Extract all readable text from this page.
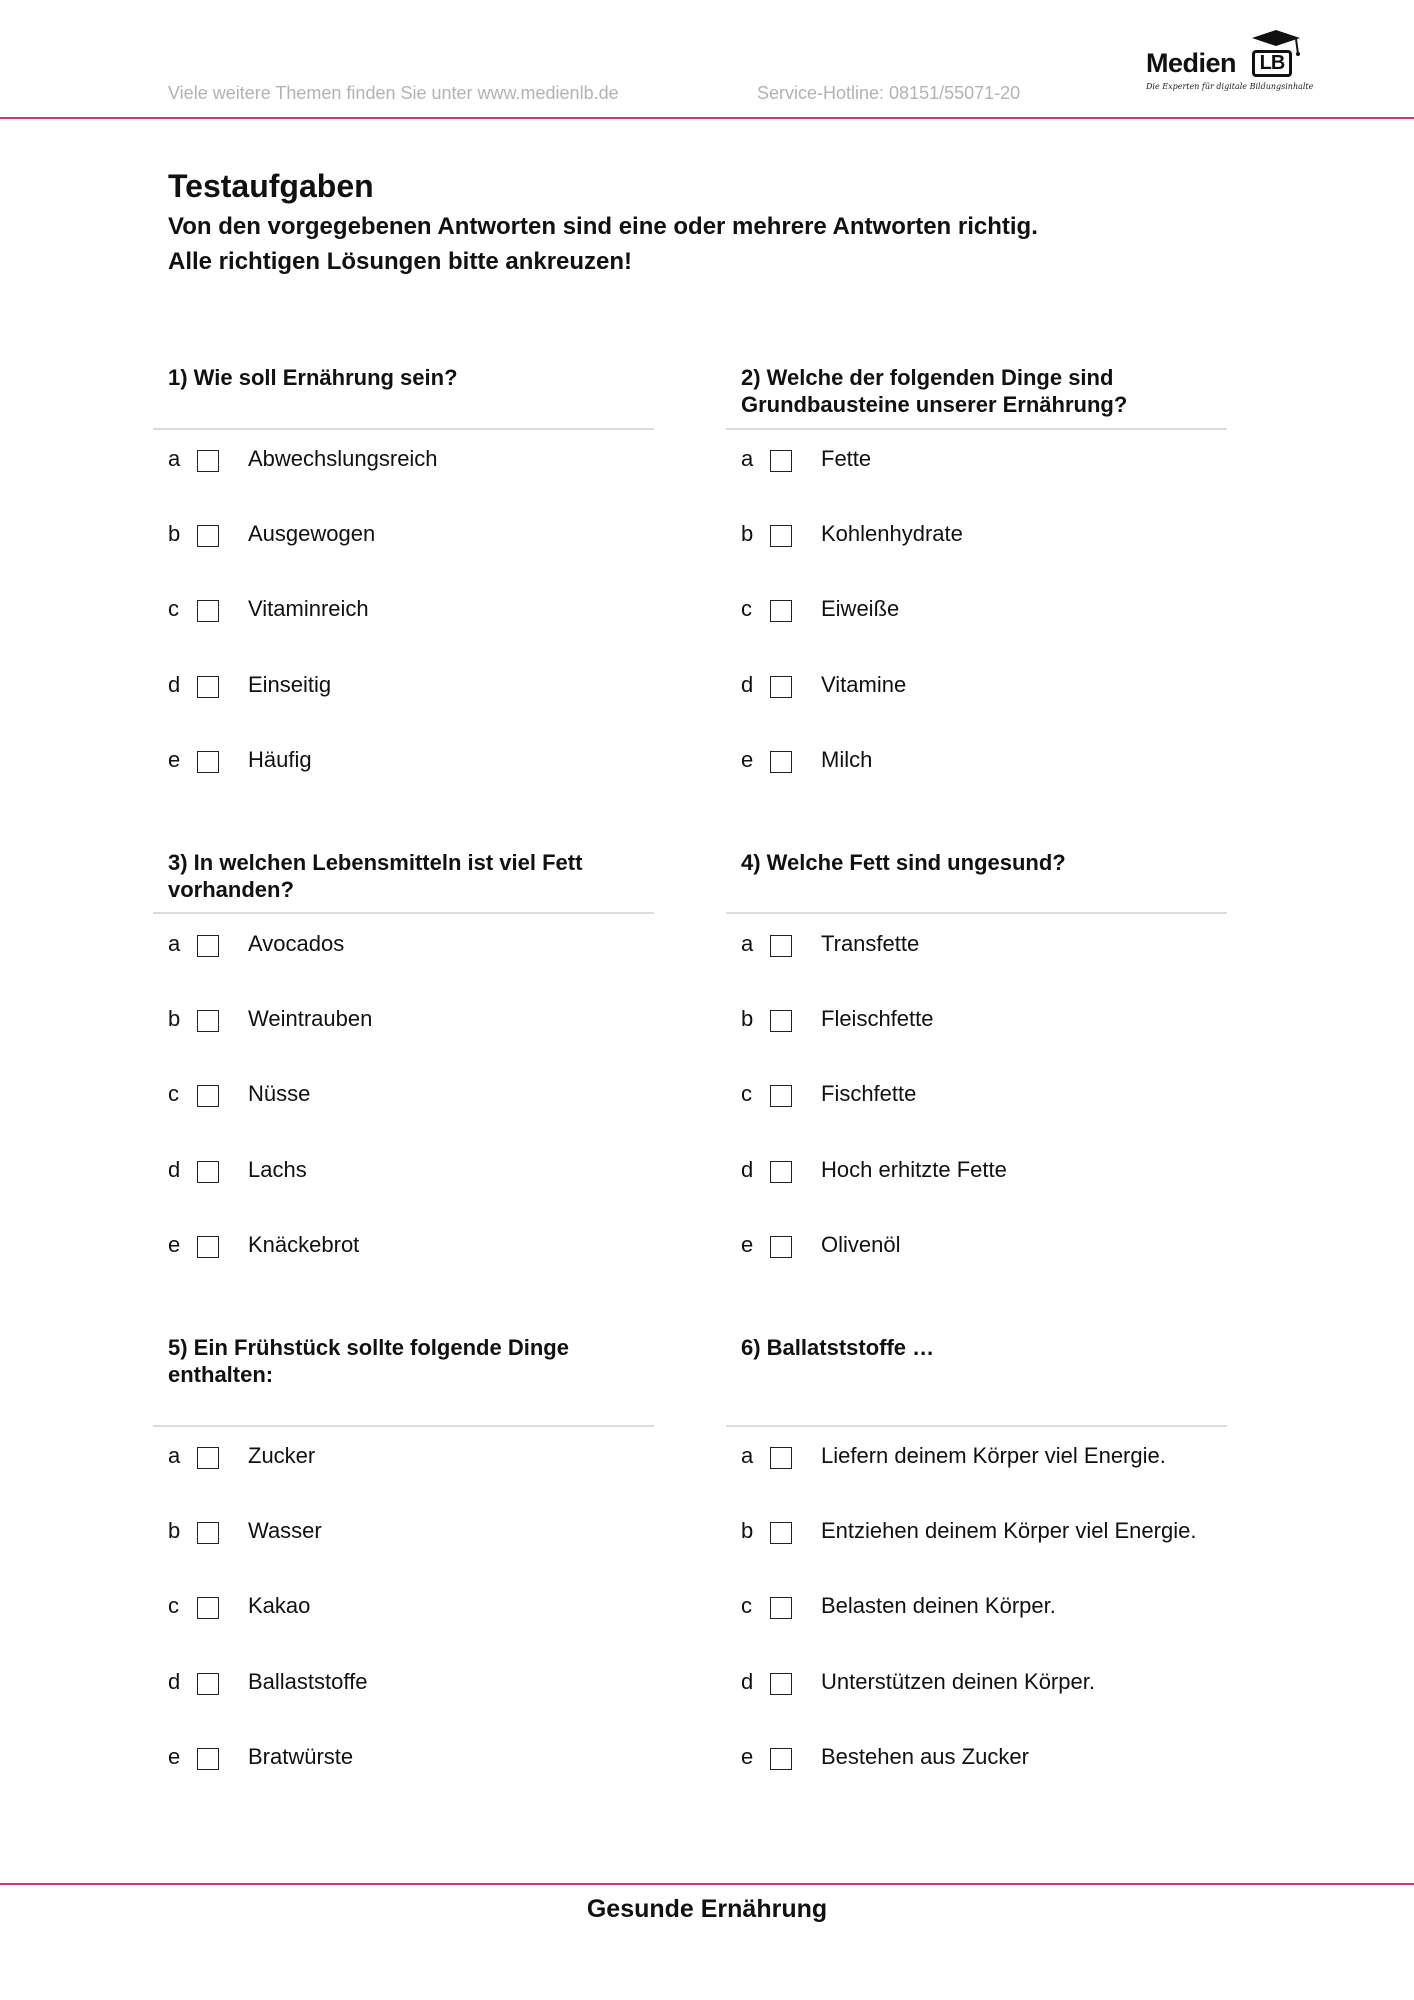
Viele weitere Themen finden Sie unter www.medienlb.de	Service-Hotline: 08151/55071-20
Medien	LB
Die Experten für digitale Bildungsinhalte
Testaufgaben
Von den vorgegebenen Antworten sind eine oder mehrere Antworten richtig.
Alle richtigen Lösungen bitte ankreuzen!
1) Wie soll Ernährung sein?
a	Abwechslungsreich
b	Ausgewogen
c	Vitaminreich
d	Einseitig
e	Häufig
2) Welche der folgenden Dinge sind
Grundbausteine unserer Ernährung?
a	Fette
b	Kohlenhydrate
c	Eiweiße
d	Vitamine
e	Milch
3) In welchen Lebensmitteln ist viel Fett
vorhanden?
a	Avocados
b	Weintrauben
c	Nüsse
d	Lachs
e	Knäckebrot
4) Welche Fett sind ungesund?
a	Transfette
b	Fleischfette
c	Fischfette
d	Hoch erhitzte Fette
e	Olivenöl
5) Ein Frühstück sollte folgende Dinge
enthalten:
a	Zucker
b	Wasser
c	Kakao
d	Ballaststoffe
e	Bratwürste
6) Ballatststoffe …
a	Liefern deinem Körper viel Energie.
b	Entziehen deinem Körper viel Energie.
c	Belasten deinen Körper.
d	Unterstützen deinen Körper.
e	Bestehen aus Zucker
Gesunde Ernährung
